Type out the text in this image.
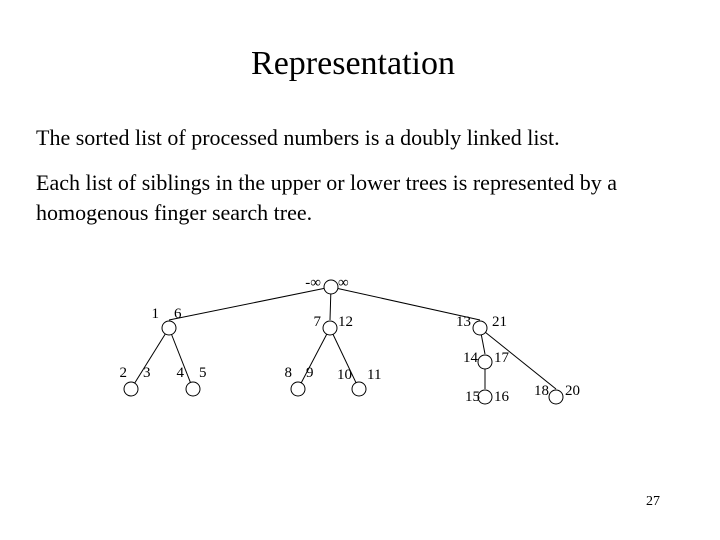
Representation
The sorted list of processed numbers is a doubly linked list.
Each list of siblings in the upper or lower trees is represented by a homogenous finger search tree.
-∞ ∞
1 6	7 12	13 21
2 3 4 5	8 9 10 11
14 17
15 16 18 20
27
